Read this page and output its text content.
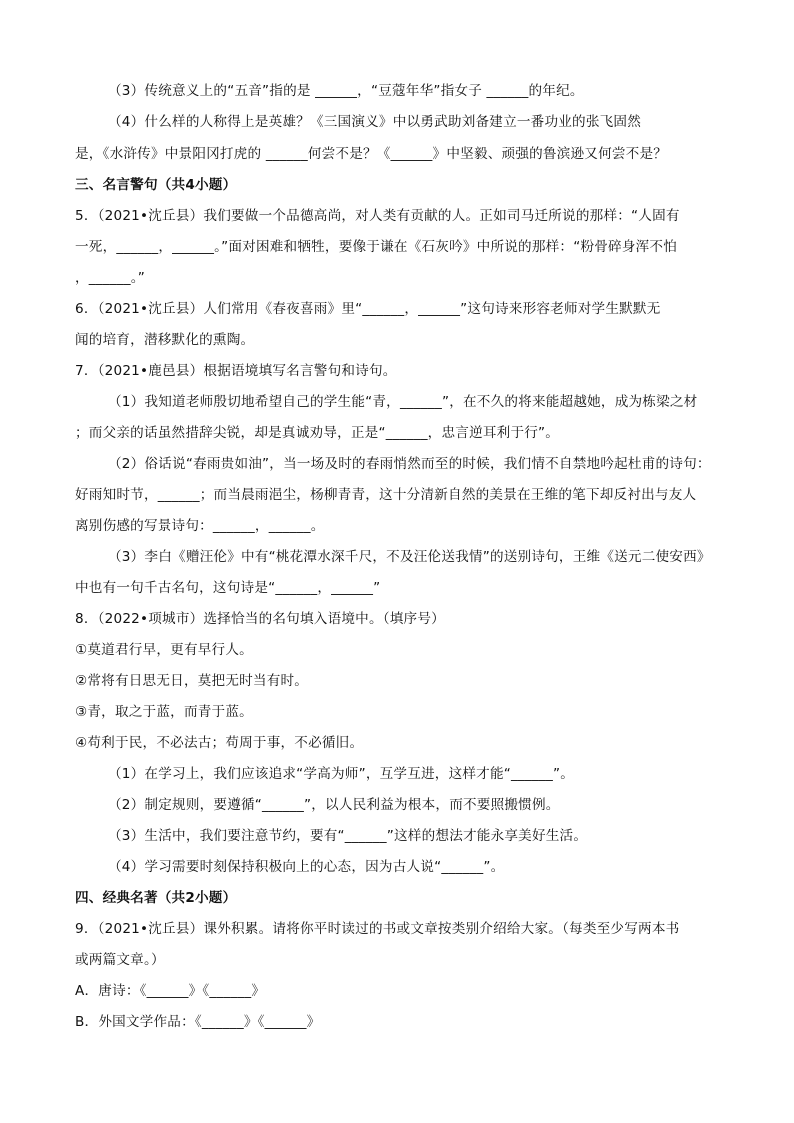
（3）传统意义上的“五音”指的是 ______，“豆蔻年华”指女子 ______的年纪。
（4）什么样的人称得上是英雄？《三国演义》中以勇武助刘备建立一番功业的张飞固然
是，《水浒传》中景阳冈打虎的 ______何尝不是？《______》中坚毅、顽强的鲁滨逊又何尝不是？
三、名言警句（共4小题）
5．（2021•沈丘县）我们要做一个品德高尚，对人类有贡献的人。正如司马迁所说的那样：“人固有
一死，______，______。”面对困难和牺牲，要像于谦在《石灰吟》中所说的那样：“粉骨碎身浑不怕
，______。”
6．（2021•沈丘县）人们常用《春夜喜雨》里“______，______”这句诗来形容老师对学生默默无
闻的培育，潜移默化的熏陶。
7．（2021•鹿邑县）根据语境填写名言警句和诗句。
（1）我知道老师殷切地希望自己的学生能“青，______”，在不久的将来能超越她，成为栋梁之材
；而父亲的话虽然措辞尖锐，却是真诚劝导，正是“______，忠言逆耳利于行”。
（2）俗话说“春雨贵如油”，当一场及时的春雨悄然而至的时候，我们情不自禁地吟起杜甫的诗句：
好雨知时节，______；而当晨雨浥尘，杨柳青青，这十分清新自然的美景在王维的笔下却反衬出与友人
离别伤感的写景诗句：______，______。
（3）李白《赠汪伦》中有“桃花潭水深千尺，不及汪伦送我情”的送别诗句，王维《送元二使安西》
中也有一句千古名句，这句诗是“______，______”
8．（2022•项城市）选择恰当的名句填入语境中。（填序号）
①莫道君行早，更有早行人。
②常将有日思无日，莫把无时当有时。
③青，取之于蓝，而青于蓝。
④苟利于民，不必法古；苟周于事，不必循旧。
（1）在学习上，我们应该追求“学高为师”，互学互进，这样才能“______”。
（2）制定规则，要遵循“______”，以人民利益为根本，而不要照搬惯例。
（3）生活中，我们要注意节约，要有“______”这样的想法才能永享美好生活。
（4）学习需要时刻保持积极向上的心态，因为古人说“______”。
四、经典名著（共2小题）
9．（2021•沈丘县）课外积累。请将你平时读过的书或文章按类别介绍给大家。（每类至少写两本书
或两篇文章。）
A．唐诗：《______》《______》
B．外国文学作品：《______》《______》
